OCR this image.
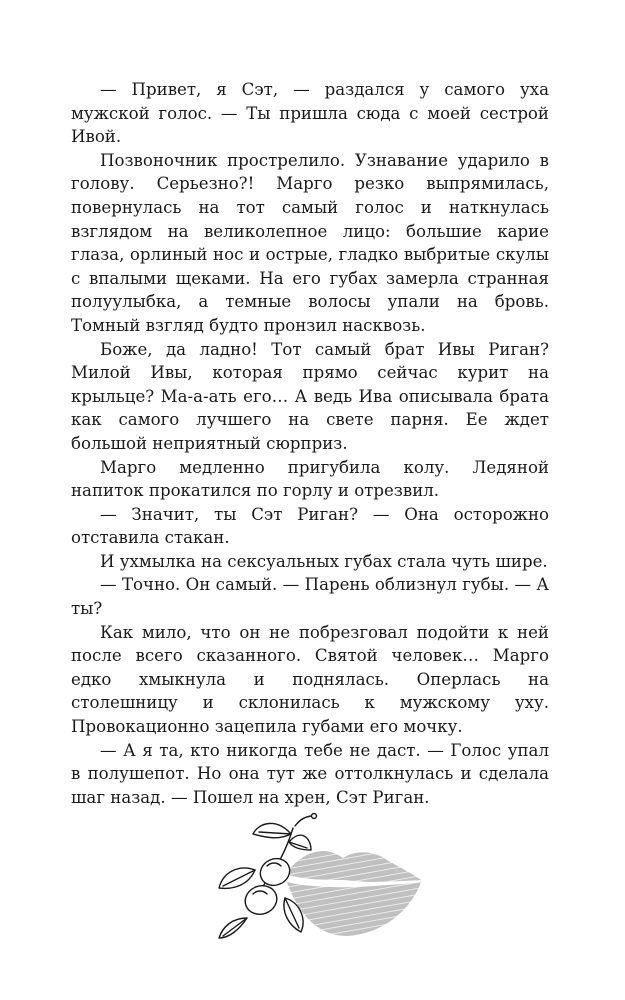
— Привет, я Сэт, — раздался у самого уха мужской голос. — Ты пришла сюда с моей сестрой Ивой.

Позвоночник прострелило. Узнавание ударило в голову. Серьезно?! Марго резко выпрямилась, повернулась на тот самый голос и наткнулась взглядом на великолепное лицо: большие карие глаза, орлиный нос и острые, гладко выбритые скулы с впалыми щеками. На его губах замерла странная полуулыбка, а темные волосы упали на бровь. Томный взгляд будто пронзил насквозь.

Боже, да ладно! Тот самый брат Ивы Риган? Милой Ивы, которая прямо сейчас курит на крыльце? Ма-а-ать его… А ведь Ива описывала брата как самого лучшего на свете парня. Ее ждет большой неприятный сюрприз.

Марго медленно пригубила колу. Ледяной напиток прокатился по горлу и отрезвил.

— Значит, ты Сэт Риган? — Она осторожно отставила стакан.

И ухмылка на сексуальных губах стала чуть шире.

— Точно. Он самый. — Парень облизнул губы. — А ты?

Как мило, что он не побрезговал подойти к ней после всего сказанного. Святой человек… Марго едко хмыкнула и поднялась. Оперлась на столешницу и склонилась к мужскому уху. Провокационно зацепила губами его мочку.

— А я та, кто никогда тебе не даст. — Голос упал в полушепот. Но она тут же оттолкнулась и сделала шаг назад. — Пошел на хрен, Сэт Риган.
